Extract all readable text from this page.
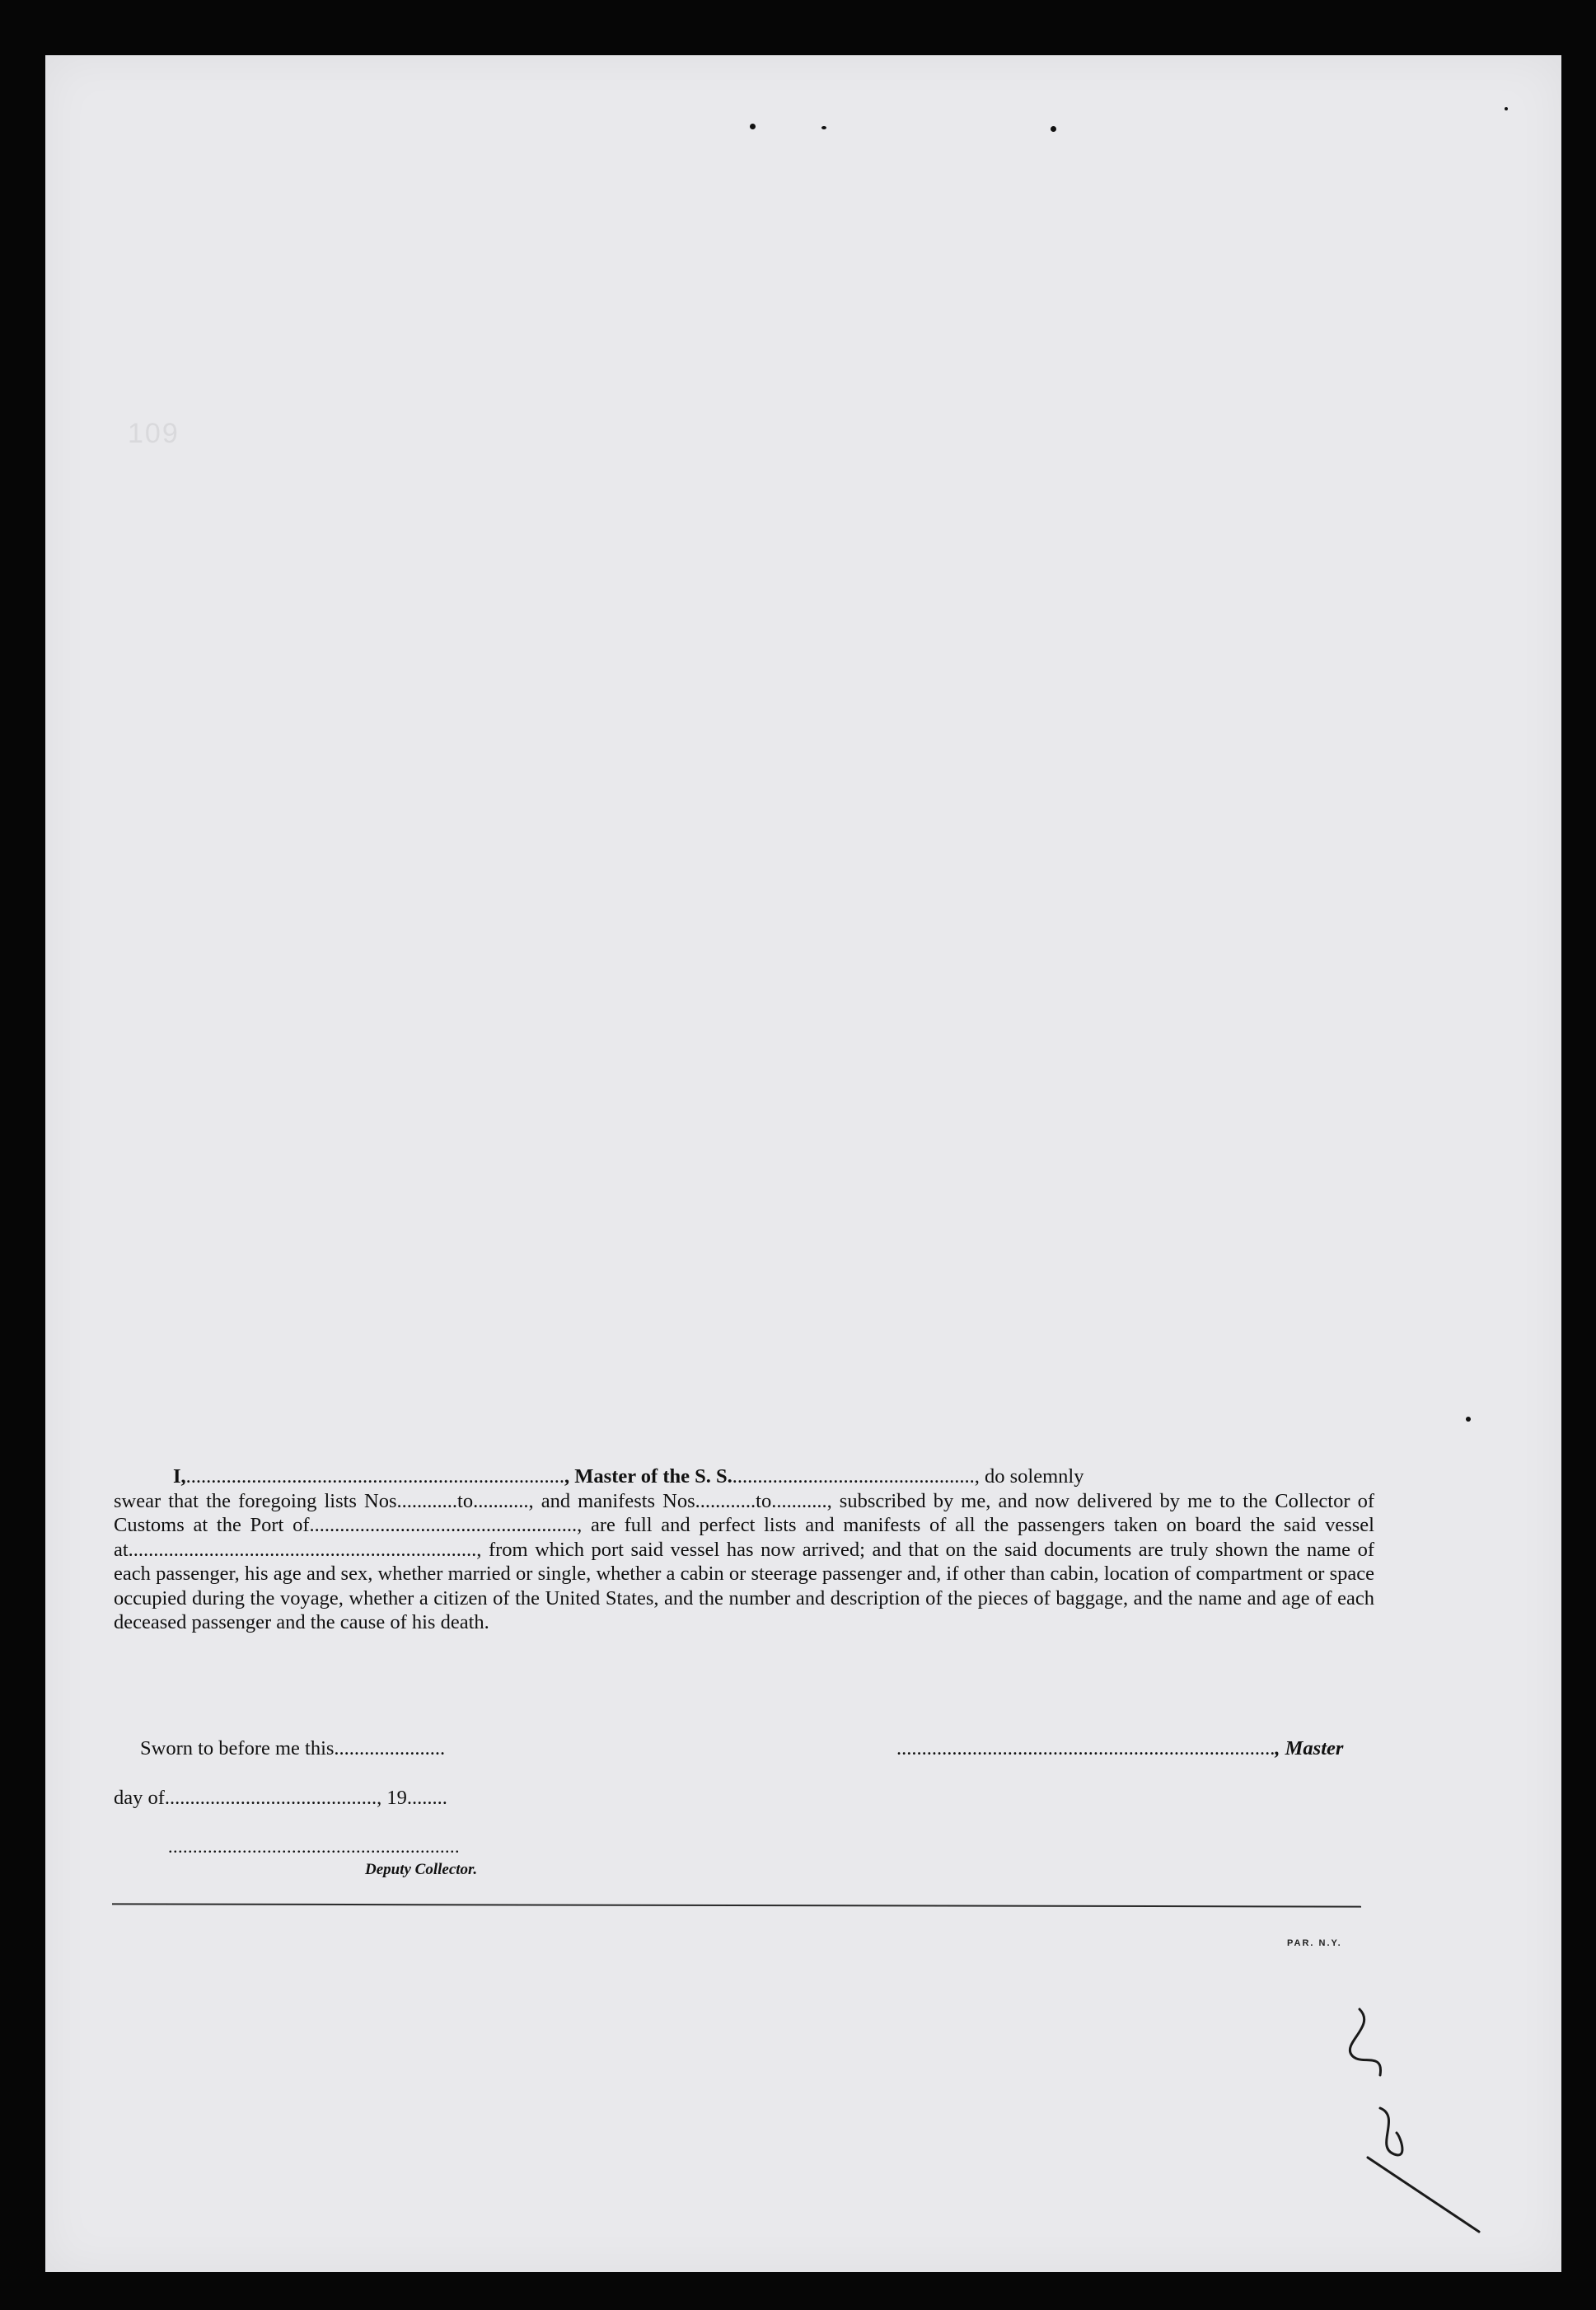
109
I,..........................................................................., Master of the S. S................................................., do solemnly
swear that the foregoing lists Nos............to..........., and manifests Nos............to..........., subscribed by me, and now delivered by me to the Collector of Customs at the Port of....................................................., are full and perfect lists and manifests of all the passengers taken on board the said vessel at....................................................................., from which port said vessel has now arrived; and that on the said documents are truly shown the name of each passenger, his age and sex, whether married or single, whether a cabin or steerage passenger and, if other than cabin, location of compartment or space occupied during the voyage, whether a citizen of the United States, and the number and description of the pieces of baggage, and the name and age of each deceased passenger and the cause of his death.
Sworn to before me this......................	..........................................................................., Master
day of.........................................., 19........
...........................................................
Deputy Collector.
PAR. N.Y.
